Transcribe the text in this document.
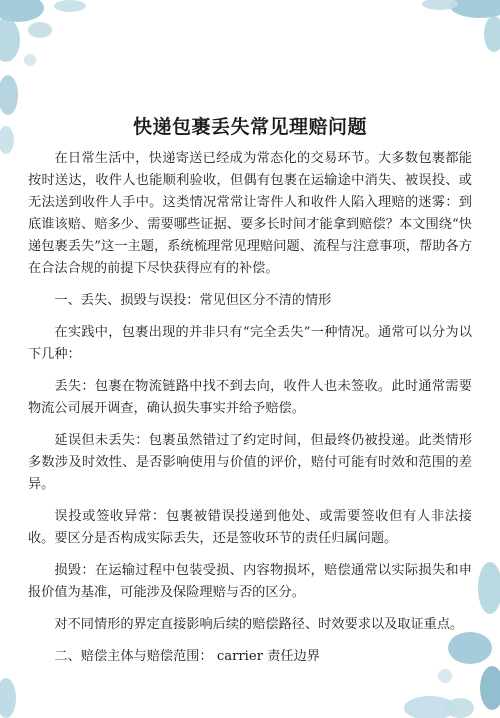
快递包裹丢失常见理赔问题

在日常生活中，快递寄送已经成为常态化的交易环节。大多数包裹都能按时送达，收件人也能顺利验收，但偶有包裹在运输途中消失、被误投、或无法送到收件人手中。这类情况常常让寄件人和收件人陷入理赔的迷雾：到底谁该赔、赔多少、需要哪些证据、要多长时间才能拿到赔偿？本文围绕“快递包裹丢失”这一主题，系统梳理常见理赔问题、流程与注意事项，帮助各方在合法合规的前提下尽快获得应有的补偿。

一、丢失、损毁与误投：常见但区分不清的情形

在实践中，包裹出现的并非只有“完全丢失”一种情况。通常可以分为以下几种：

丢失：包裹在物流链路中找不到去向，收件人也未签收。此时通常需要物流公司展开调查，确认损失事实并给予赔偿。

延误但未丢失：包裹虽然错过了约定时间，但最终仍被投递。此类情形多数涉及时效性、是否影响使用与价值的评价，赔付可能有时效和范围的差异。

误投或签收异常：包裹被错误投递到他处、或需要签收但有人非法接收。要区分是否构成实际丢失，还是签收环节的责任归属问题。

损毁：在运输过程中包装受损、内容物损坏，赔偿通常以实际损失和申报价值为基准，可能涉及保险理赔与否的区分。

对不同情形的界定直接影响后续的赔偿路径、时效要求以及取证重点。

二、赔偿主体与赔偿范围： carrier 责任边界
